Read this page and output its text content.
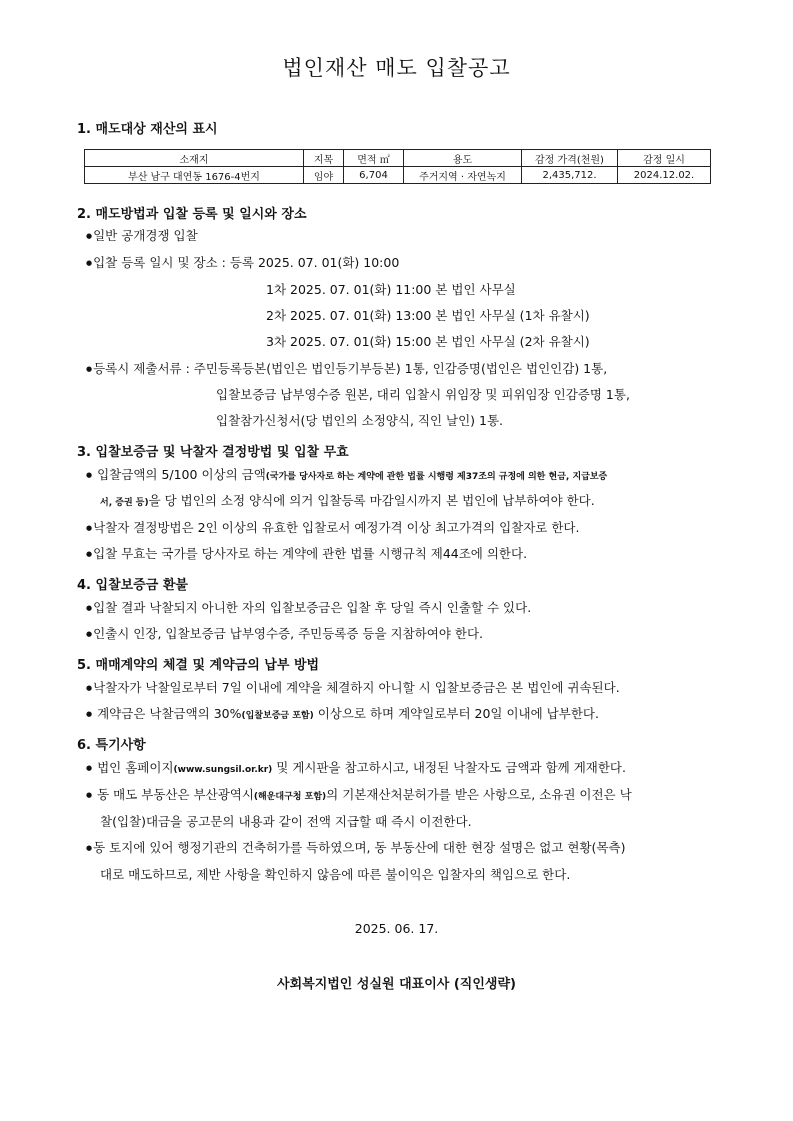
법인재산 매도 입찰공고
1. 매도대상 재산의 표시
소재지	지목	면적 ㎡	용도	감정 가격(천원)	감정 일시
부산 남구 대연동 1676-4번지	임야	6,704	주거지역 · 자연녹지	2,435,712.	2024.12.02.
2. 매도방법과 입찰 등록 및 일시와 장소
● 일반 공개경쟁 입찰
● 입찰 등록 일시 및 장소 : 등록 2025. 07. 01(화) 10:00
1차 2025. 07. 01(화) 11:00 본 법인 사무실
2차 2025. 07. 01(화) 13:00 본 법인 사무실 (1차 유찰시)
3차 2025. 07. 01(화) 15:00 본 법인 사무실 (2차 유찰시)
● 등록시 제출서류 : 주민등록등본(법인은 법인등기부등본) 1통, 인감증명(법인은 법인인감) 1통,
입찰보증금 납부영수증 원본, 대리 입찰시 위임장 및 피위임장 인감증명 1통,
입찰참가신청서(당 법인의 소정양식, 직인 날인) 1통.
3. 입찰보증금 및 낙찰자 결정방법 및 입찰 무효
● 입찰금액의 5/100 이상의 금액(국가를 당사자로 하는 계약에 관한 법률 시행령 제37조의 규정에 의한 현금, 지급보증
서, 증권 등)을 당 법인의 소정 양식에 의거 입찰등록 마감일시까지 본 법인에 납부하여야 한다.
● 낙찰자 결정방법은 2인 이상의 유효한 입찰로서 예정가격 이상 최고가격의 입찰자로 한다.
● 입찰 무효는 국가를 당사자로 하는 계약에 관한 법률 시행규칙 제44조에 의한다.
4. 입찰보증금 환불
● 입찰 결과 낙찰되지 아니한 자의 입찰보증금은 입찰 후 당일 즉시 인출할 수 있다.
● 인출시 인장, 입찰보증금 납부영수증, 주민등록증 등을 지참하여야 한다.
5. 매매계약의 체결 및 계약금의 납부 방법
● 낙찰자가 낙찰일로부터 7일 이내에 계약을 체결하지 아니할 시 입찰보증금은 본 법인에 귀속된다.
● 계약금은 낙찰금액의 30%(입찰보증금 포함) 이상으로 하며 계약일로부터 20일 이내에 납부한다.
6. 특기사항
● 법인 홈페이지(www.sungsil.or.kr) 및 게시판을 참고하시고, 내정된 낙찰자도 금액과 함께 게재한다.
● 동 매도 부동산은 부산광역시(해운대구청 포함)의 기본재산처분허가를 받은 사항으로, 소유권 이전은 낙
찰(입찰)대금을 공고문의 내용과 같이 전액 지급할 때 즉시 이전한다.
● 동 토지에 있어 행정기관의 건축허가를 득하였으며, 동 부동산에 대한 현장 설명은 없고 현황(목측)
대로 매도하므로, 제반 사항을 확인하지 않음에 따른 불이익은 입찰자의 책임으로 한다.
2025. 06. 17.
사회복지법인 성실원 대표이사 (직인생략)
